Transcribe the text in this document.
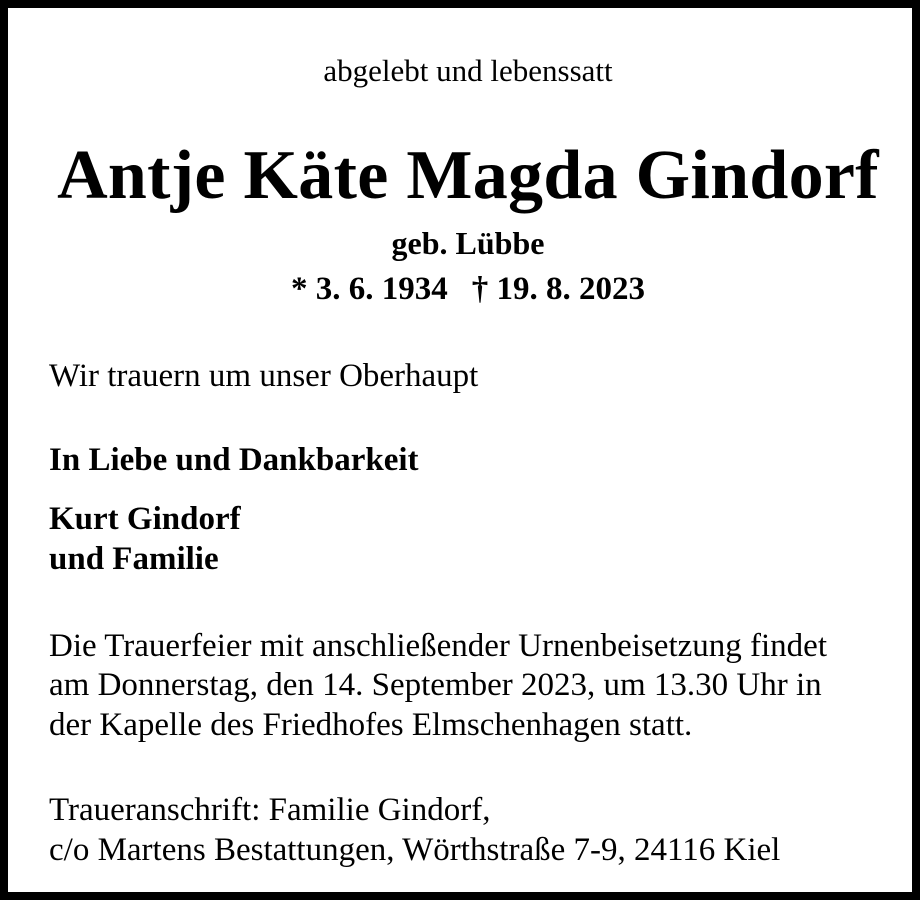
abgelebt und lebenssatt
Antje Käte Magda Gindorf
geb. Lübbe
* 3. 6. 1934 † 19. 8. 2023
Wir trauern um unser Oberhaupt
In Liebe und Dankbarkeit
Kurt Gindorf
und Familie
Die Trauerfeier mit anschließender Urnenbeisetzung findet
am Donnerstag, den 14. September 2023, um 13.30 Uhr in
der Kapelle des Friedhofes Elmschenhagen statt.
Traueranschrift: Familie Gindorf,
c/o Martens Bestattungen, Wörthstraße 7-9, 24116 Kiel
